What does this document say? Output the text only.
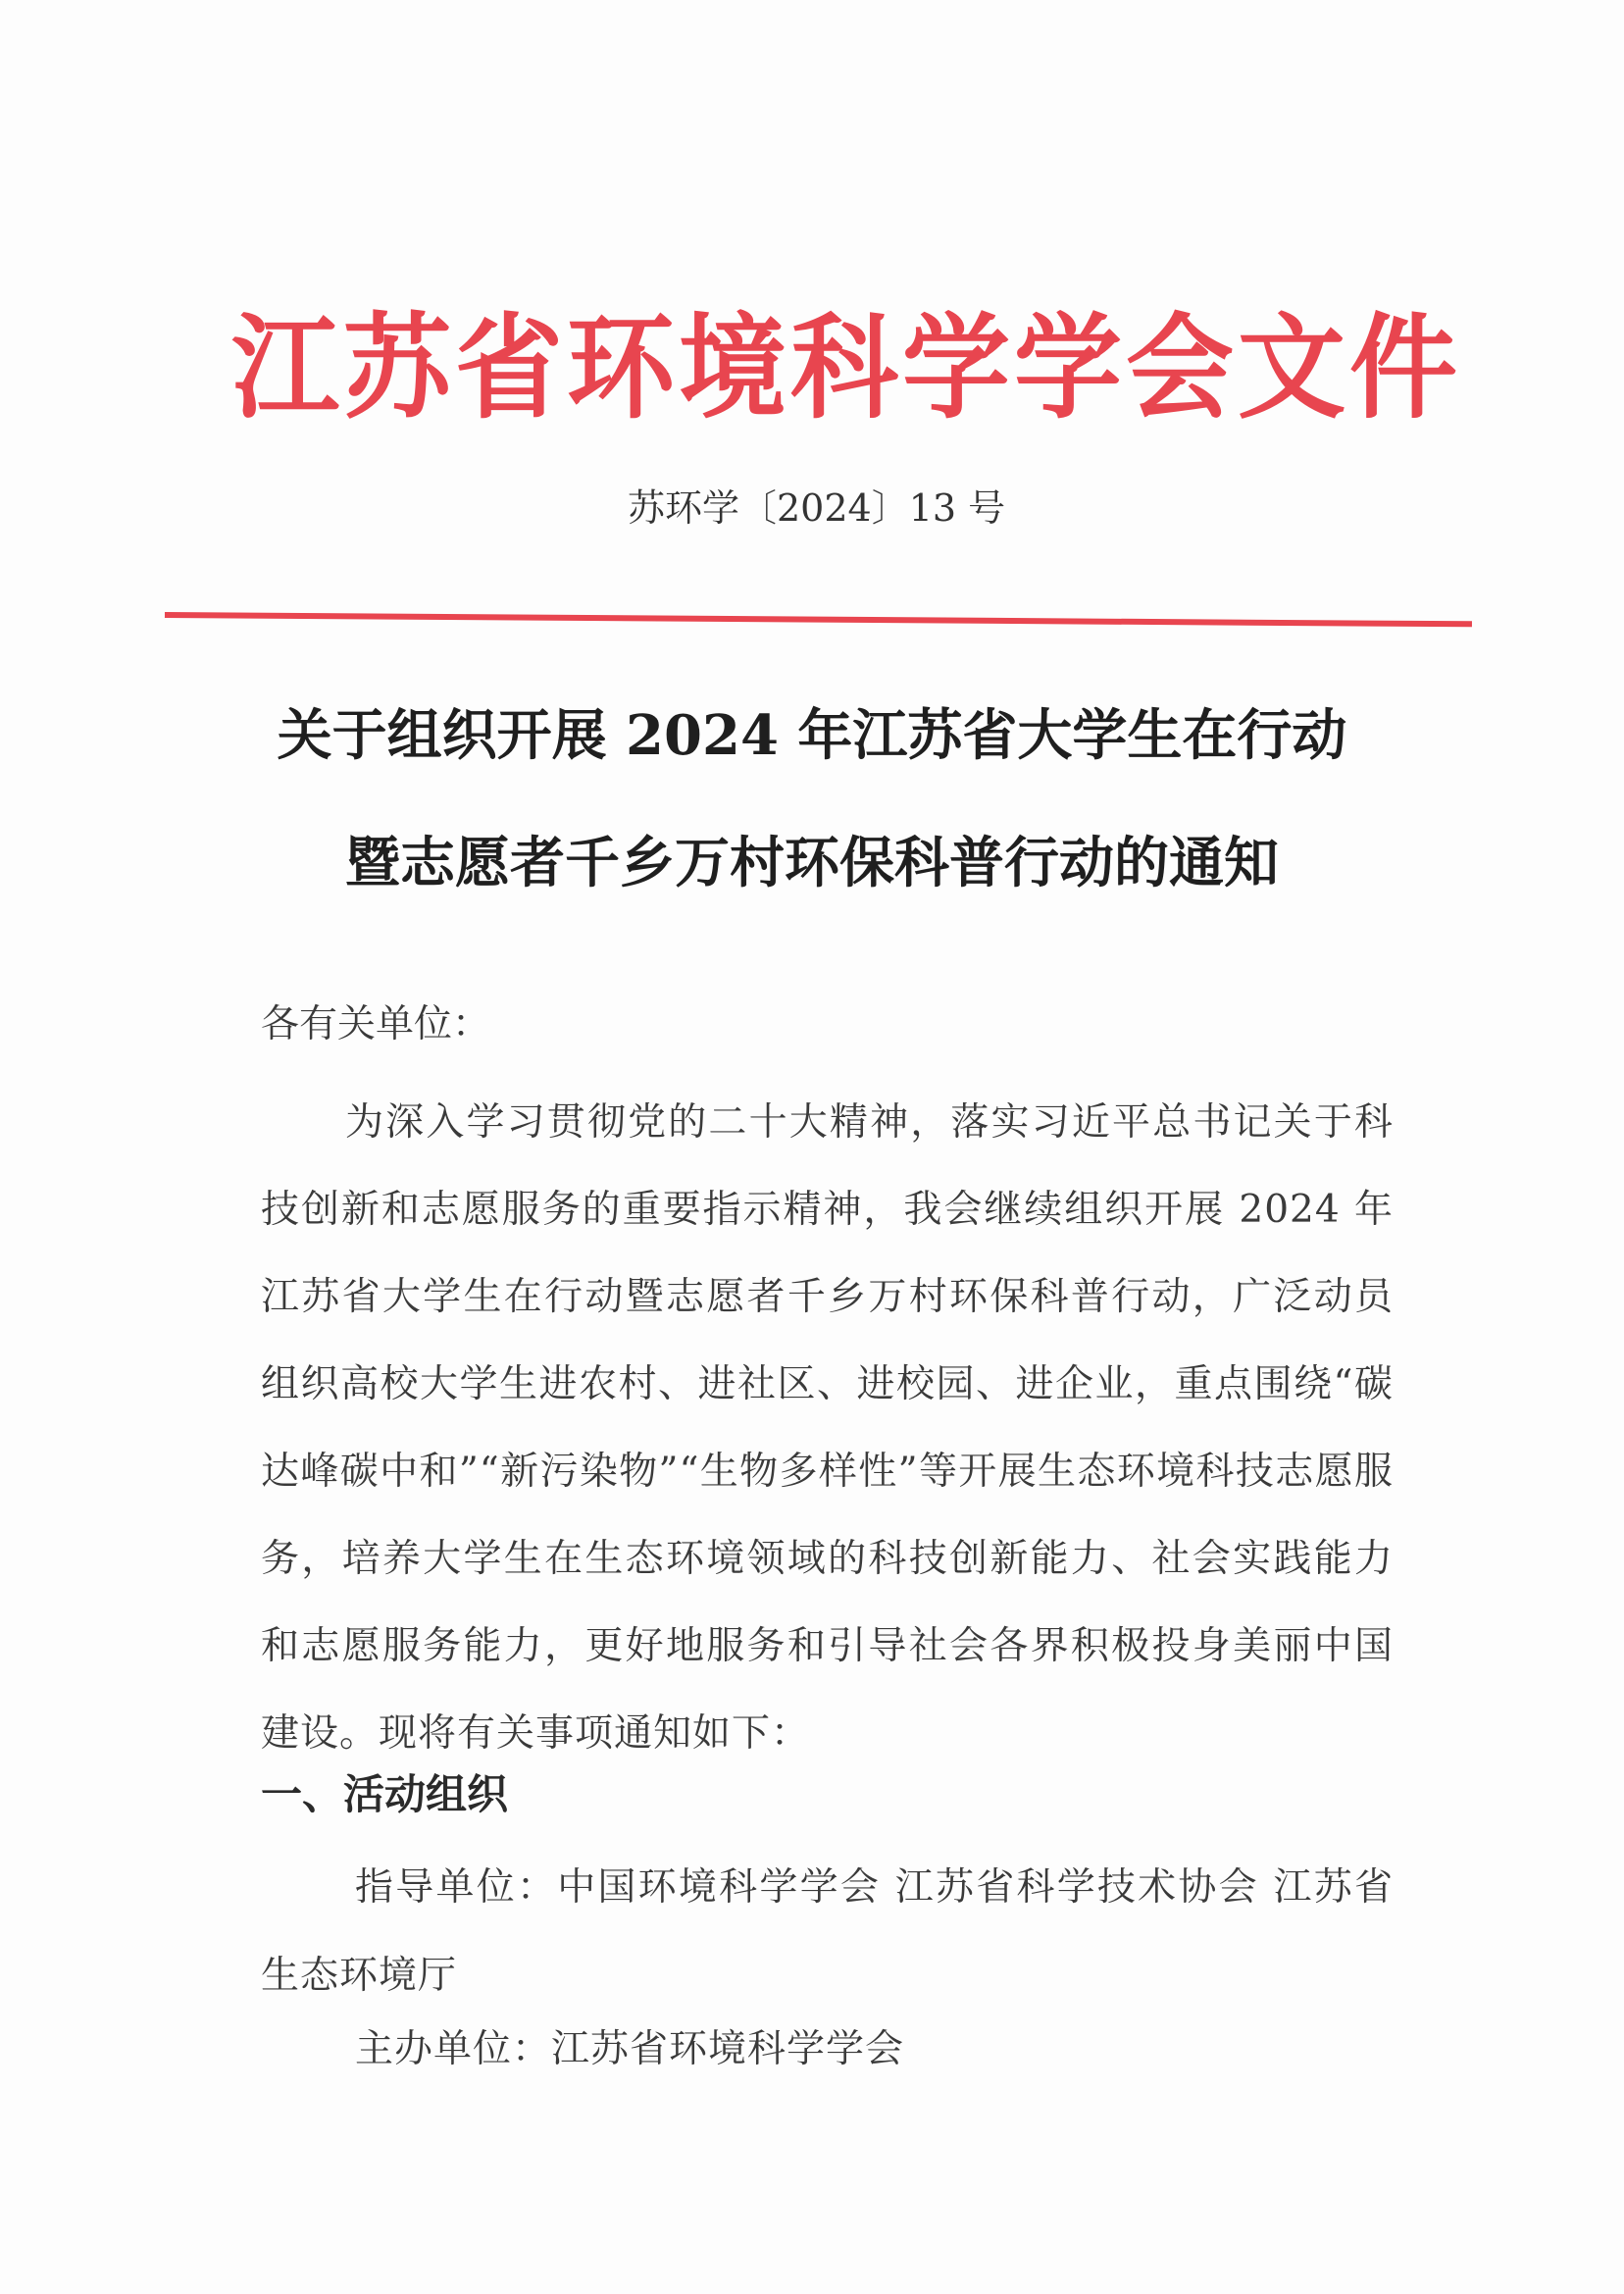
江苏省环境科学学会文件
苏环学〔2024〕13 号
关于组织开展 2024 年江苏省大学生在行动
暨志愿者千乡万村环保科普行动的通知
各有关单位：
为深入学习贯彻党的二十大精神，落实习近平总书记关于科技创新和志愿服务的重要指示精神，我会继续组织开展 2024 年江苏省大学生在行动暨志愿者千乡万村环保科普行动，广泛动员组织高校大学生进农村、进社区、进校园、进企业，重点围绕“碳达峰碳中和”“新污染物”“生物多样性”等开展生态环境科技志愿服务，培养大学生在生态环境领域的科技创新能力、社会实践能力和志愿服务能力，更好地服务和引导社会各界积极投身美丽中国建设。现将有关事项通知如下：
一、活动组织
指导单位：中国环境科学学会 江苏省科学技术协会 江苏省生态环境厅
主办单位：江苏省环境科学学会
